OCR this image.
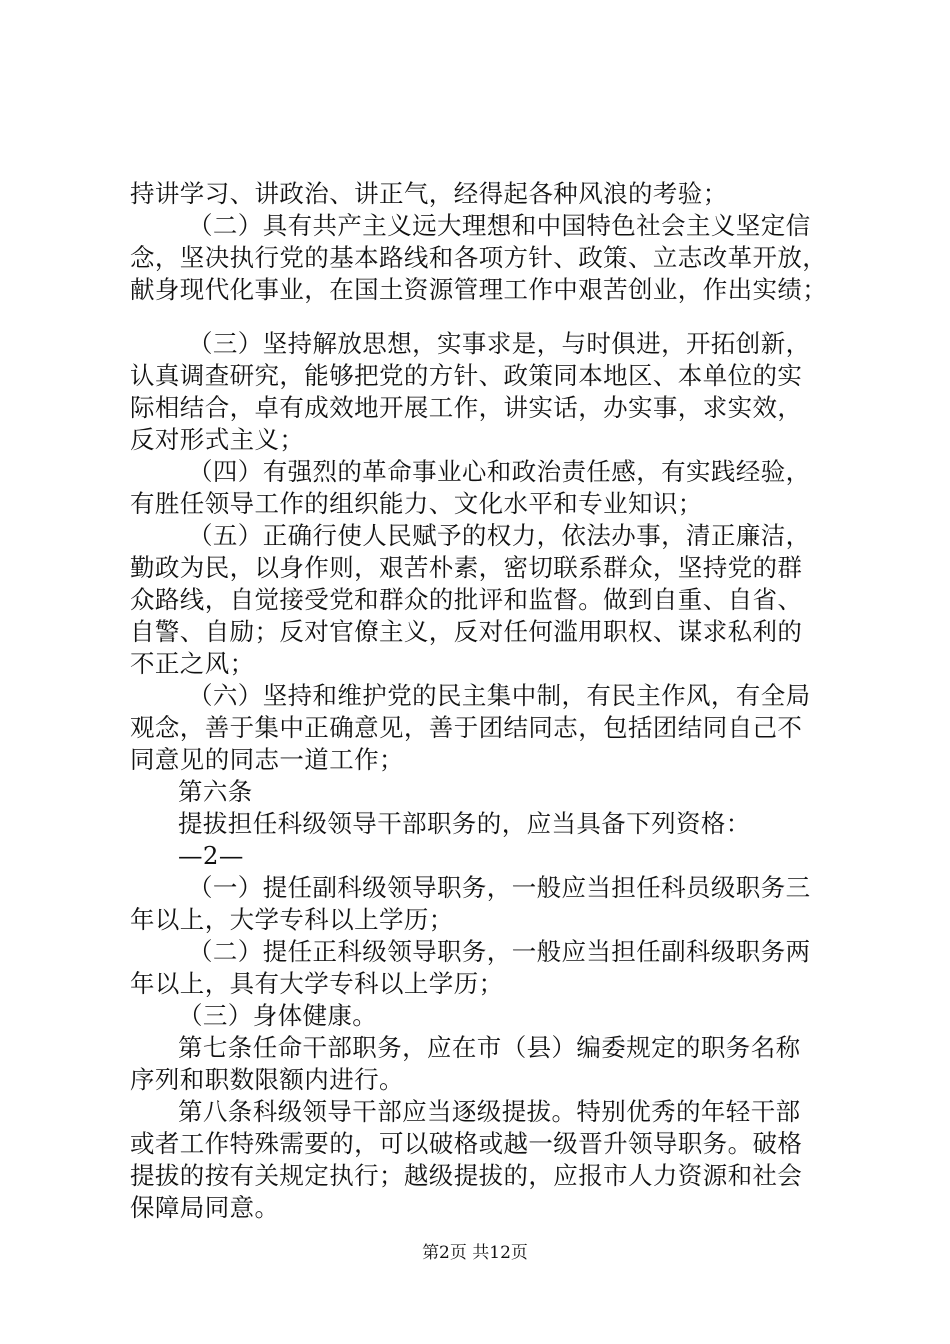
持讲学习、讲政治、讲正气，经得起各种风浪的考验；
（二）具有共产主义远大理想和中国特色社会主义坚定信
念，坚决执行党的基本路线和各项方针、政策、立志改革开放，
献身现代化事业，在国土资源管理工作中艰苦创业，作出实绩；
（三）坚持解放思想，实事求是，与时俱进，开拓创新，
认真调查研究，能够把党的方针、政策同本地区、本单位的实
际相结合，卓有成效地开展工作，讲实话，办实事，求实效，
反对形式主义；
（四）有强烈的革命事业心和政治责任感，有实践经验，
有胜任领导工作的组织能力、文化水平和专业知识；
（五）正确行使人民赋予的权力，依法办事，清正廉洁，
勤政为民，以身作则，艰苦朴素，密切联系群众，坚持党的群
众路线，自觉接受党和群众的批评和监督。做到自重、自省、
自警、自励；反对官僚主义，反对任何滥用职权、谋求私利的
不正之风；
（六）坚持和维护党的民主集中制，有民主作风，有全局
观念，善于集中正确意见，善于团结同志，包括团结同自己不
同意见的同志一道工作；
第六条
提拔担任科级领导干部职务的，应当具备下列资格：
—2—
（一）提任副科级领导职务，一般应当担任科员级职务三
年以上，大学专科以上学历；
（二）提任正科级领导职务，一般应当担任副科级职务两
年以上，具有大学专科以上学历；
（三）身体健康。
第七条任命干部职务，应在市（县）编委规定的职务名称
序列和职数限额内进行。
第八条科级领导干部应当逐级提拔。特别优秀的年轻干部
或者工作特殊需要的，可以破格或越一级晋升领导职务。破格
提拔的按有关规定执行；越级提拔的，应报市人力资源和社会
保障局同意。
第2页 共12页
